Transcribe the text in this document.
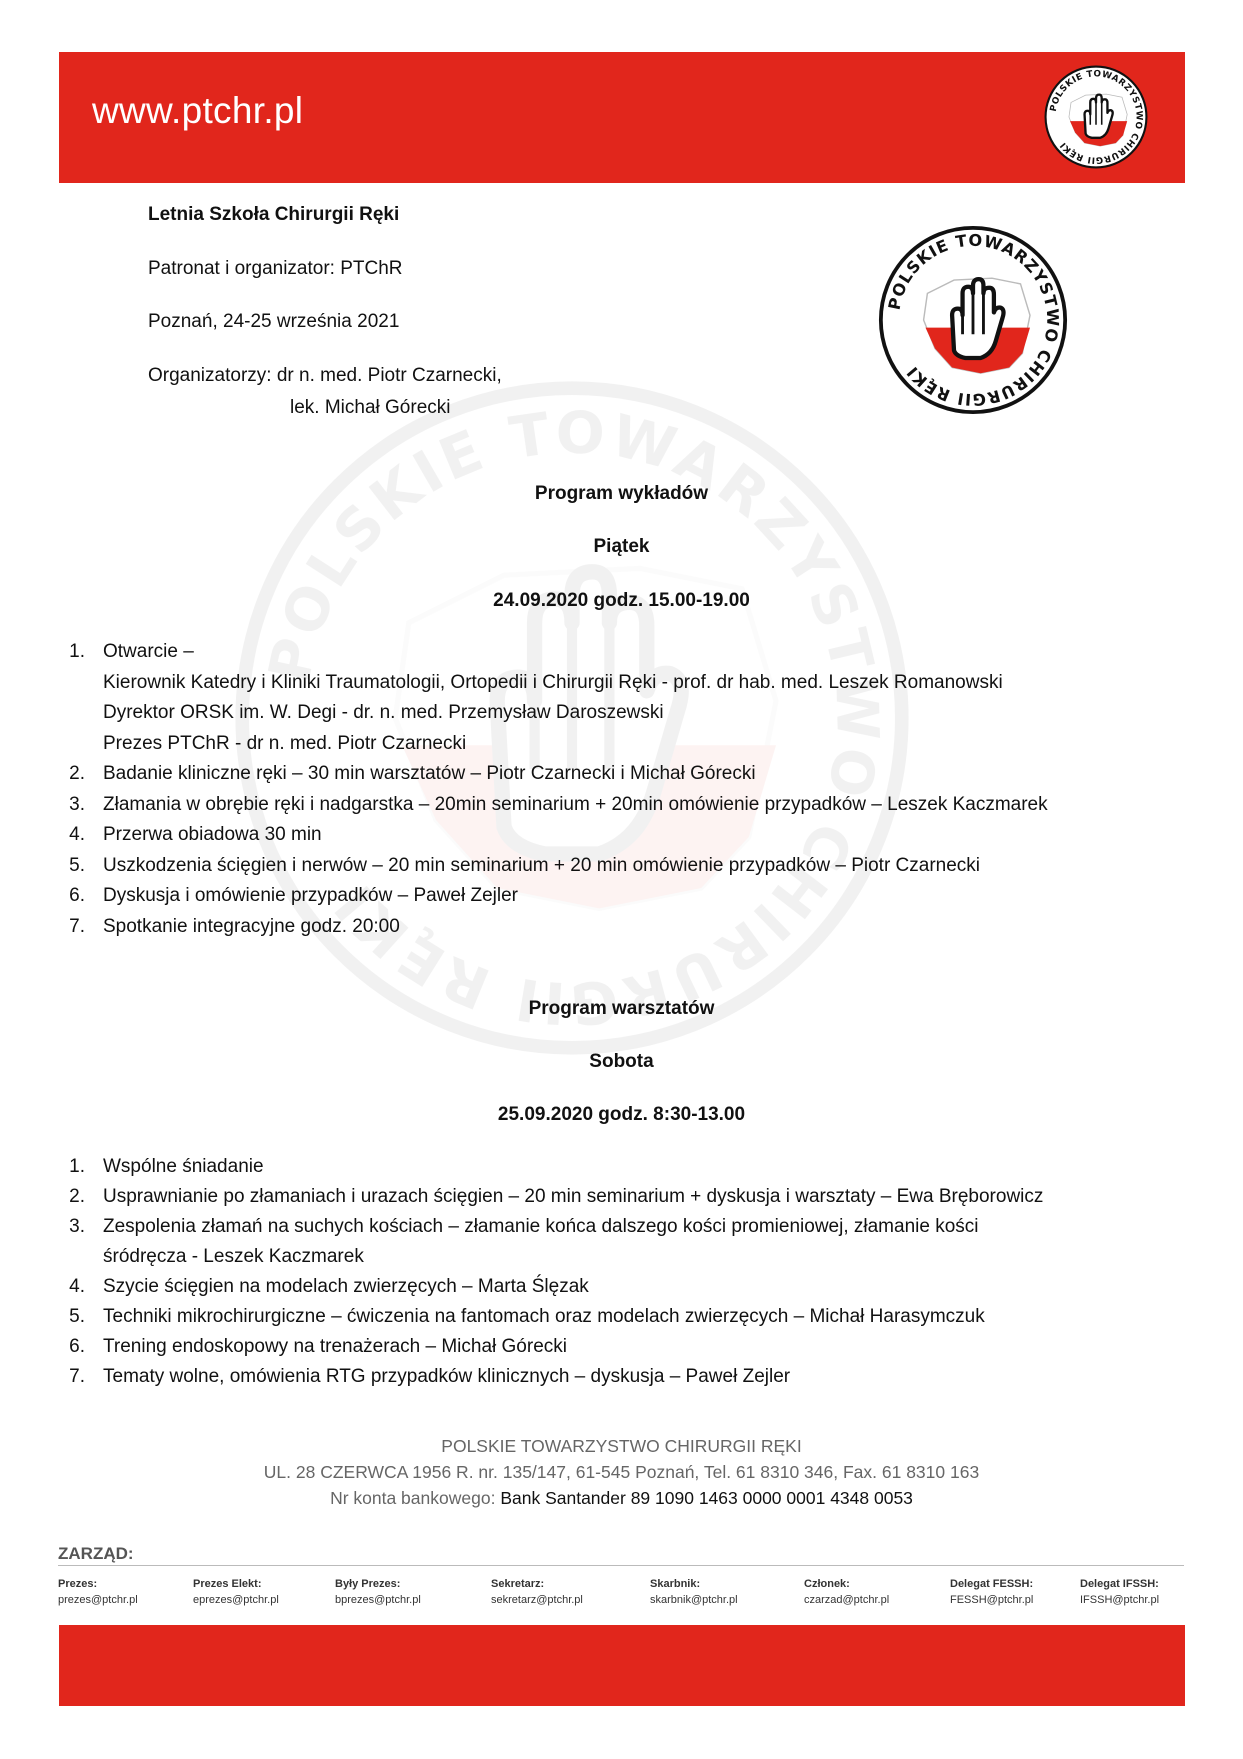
www.ptchr.pl
Letnia Szkoła Chirurgii Ręki
Patronat i organizator: PTChR
Poznań, 24-25 września 2021
Organizatorzy: dr n. med. Piotr Czarnecki,
lek. Michał Górecki
Program wykładów
Piątek
24.09.2020 godz. 15.00-19.00
1. Otwarcie –
Kierownik Katedry i Kliniki Traumatologii, Ortopedii i Chirurgii Ręki - prof. dr hab. med. Leszek Romanowski
Dyrektor ORSK im. W. Degi - dr. n. med. Przemysław Daroszewski
Prezes PTChR - dr n. med. Piotr Czarnecki
2. Badanie kliniczne ręki – 30 min warsztatów – Piotr Czarnecki i Michał Górecki
3. Złamania w obrębie ręki i nadgarstka – 20min seminarium + 20min omówienie przypadków – Leszek Kaczmarek
4. Przerwa obiadowa 30 min
5. Uszkodzenia ścięgien i nerwów – 20 min seminarium + 20 min omówienie przypadków – Piotr Czarnecki
6. Dyskusja i omówienie przypadków – Paweł Zejler
7. Spotkanie integracyjne godz. 20:00
Program warsztatów
Sobota
25.09.2020 godz. 8:30-13.00
1. Wspólne śniadanie
2. Usprawnianie po złamaniach i urazach ścięgien – 20 min seminarium + dyskusja i warsztaty – Ewa Bręborowicz
3. Zespolenia złamań na suchych kościach – złamanie końca dalszego kości promieniowej, złamanie kości
śródręcza - Leszek Kaczmarek
4. Szycie ścięgien na modelach zwierzęcych – Marta Ślęzak
5. Techniki mikrochirurgiczne – ćwiczenia na fantomach oraz modelach zwierzęcych – Michał Harasymczuk
6. Trening endoskopowy na trenażerach – Michał Górecki
7. Tematy wolne, omówienia RTG przypadków klinicznych – dyskusja – Paweł Zejler
POLSKIE TOWARZYSTWO CHIRURGII RĘKI
UL. 28 CZERWCA 1956 R. nr. 135/147, 61-545 Poznań, Tel. 61 8310 346, Fax. 61 8310 163
Nr konta bankowego: Bank Santander 89 1090 1463 0000 0001 4348 0053
ZARZĄD:
Prezes:
prezes@ptchr.pl
Prezes Elekt:
eprezes@ptchr.pl
Były Prezes:
bprezes@ptchr.pl
Sekretarz:
sekretarz@ptchr.pl
Skarbnik:
skarbnik@ptchr.pl
Członek:
czarzad@ptchr.pl
Delegat FESSH:
FESSH@ptchr.pl
Delegat IFSSH:
IFSSH@ptchr.pl
